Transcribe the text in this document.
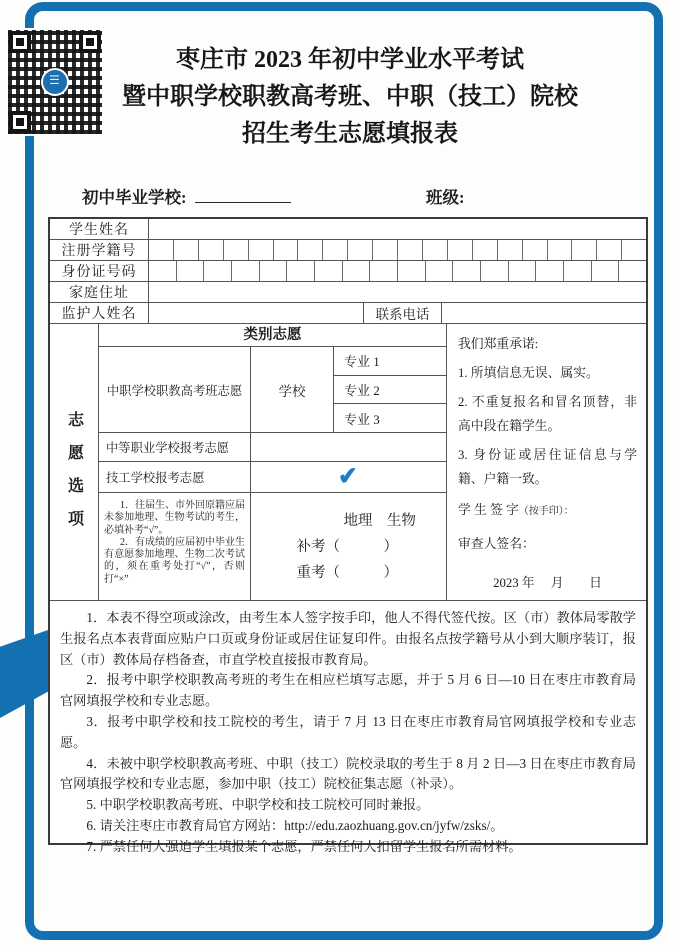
☰
枣庄市 2023 年初中学业水平考试
暨中职学校职教高考班、中职（技工）院校
招生考生志愿填报表
初中毕业学校:	班级:
学生姓名
注册学籍号
身份证号码
家庭住址
监护人姓名	联系电话
志愿选项
类别志愿
中职学校职教高考班志愿	学校
专业 1
专业 2
专业 3
中等职业学校报考志愿
技工学校报考志愿	✔

1．往届生、市外回原籍应届未参加地理、生物考试的考生，必填补考“√”。

2．有成绩的应届初中毕业生有意愿参加地理、生物二次考试的，须在重考处打“√”，否则打“×”

地理　生物
补考（　　　）
重考（　　　）
我们郑重承诺:

1. 所填信息无误、属实。

2. 不重复报名和冒名顶替，非高中段在籍学生。

3. 身份证或居住证信息与学籍、户籍一致。

学 生 签 字（按手印）：
审查人签名：
2023 年　 月　　日

1．本表不得空项或涂改，由考生本人签字按手印，他人不得代签代按。区（市）教体局零散学生报名点本表背面应贴户口页或身份证或居住证复印件。由报名点按学籍号从小到大顺序装订，报区（市）教体局存档备查，市直学校直接报市教育局。

2．报考中职学校职教高考班的考生在相应栏填写志愿，并于 5 月 6 日—10 日在枣庄市教育局官网填报学校和专业志愿。

3．报考中职学校和技工院校的考生，请于 7 月 13 日在枣庄市教育局官网填报学校和专业志愿。

4．未被中职学校职教高考班、中职（技工）院校录取的考生于 8 月 2 日—3 日在枣庄市教育局官网填报学校和专业志愿，参加中职（技工）院校征集志愿（补录）。

5. 中职学校职教高考班、中职学校和技工院校可同时兼报。

6. 请关注枣庄市教育局官方网站：http://edu.zaozhuang.gov.cn/jyfw/zsks/。

7. 严禁任何人强迫学生填报某个志愿，严禁任何人扣留学生报名所需材料。
